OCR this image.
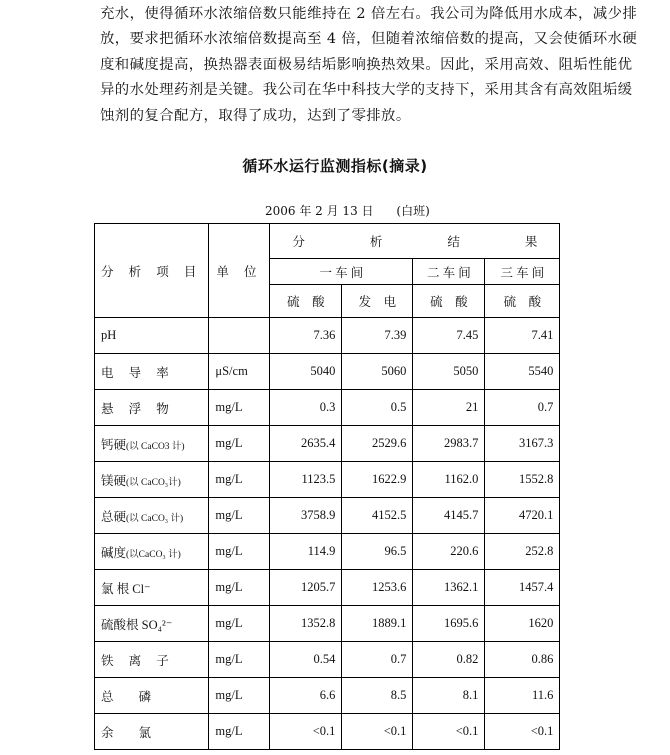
充水，使得循环水浓缩倍数只能维持在 2 倍左右。我公司为降低用水成本，减少排
放，要求把循环水浓缩倍数提高至 4 倍，但随着浓缩倍数的提高，又会使循环水硬
度和碱度提高，换热器表面极易结垢影响换热效果。因此，采用高效、阻垢性能优
异的水处理药剂是关键。我公司在华中科技大学的支持下，采用其含有高效阻垢缓
蚀剂的复合配方，取得了成功，达到了零排放。
循环水运行监测指标(摘录)
2006 年 2 月 13 日      (白班)
分 析 项 目	单 位	分 析 结 果			

		一 车 间		二 车 间	三 车 间
		硫　酸	发　电	硫　酸	硫　酸
pH		7.36	7.39	7.45	7.41
电 导 率	μS/cm	5040	5060	5050	5540
悬 浮 物	mg/L	0.3	0.5	21	0.7
钙硬(以 CaCO3 计)	mg/L	2635.4	2529.6	2983.7	3167.3
镁硬(以 CaCO₃计)	mg/L	1123.5	1622.9	1162.0	1552.8
总硬(以 CaCO₃ 计)	mg/L	3758.9	4152.5	4145.7	4720.1
碱度(以CaCO₃ 计)	mg/L	114.9	96.5	220.6	252.8
氯 根 Cl⁻	mg/L	1205.7	1253.6	1362.1	1457.4
硫酸根 SO₄²⁻	mg/L	1352.8	1889.1	1695.6	1620
铁 离 子	mg/L	0.54	0.7	0.82	0.86
总　　磷	mg/L	6.6	8.5	8.1	11.6
余　　氯	mg/L	<0.1	<0.1	<0.1	<0.1
